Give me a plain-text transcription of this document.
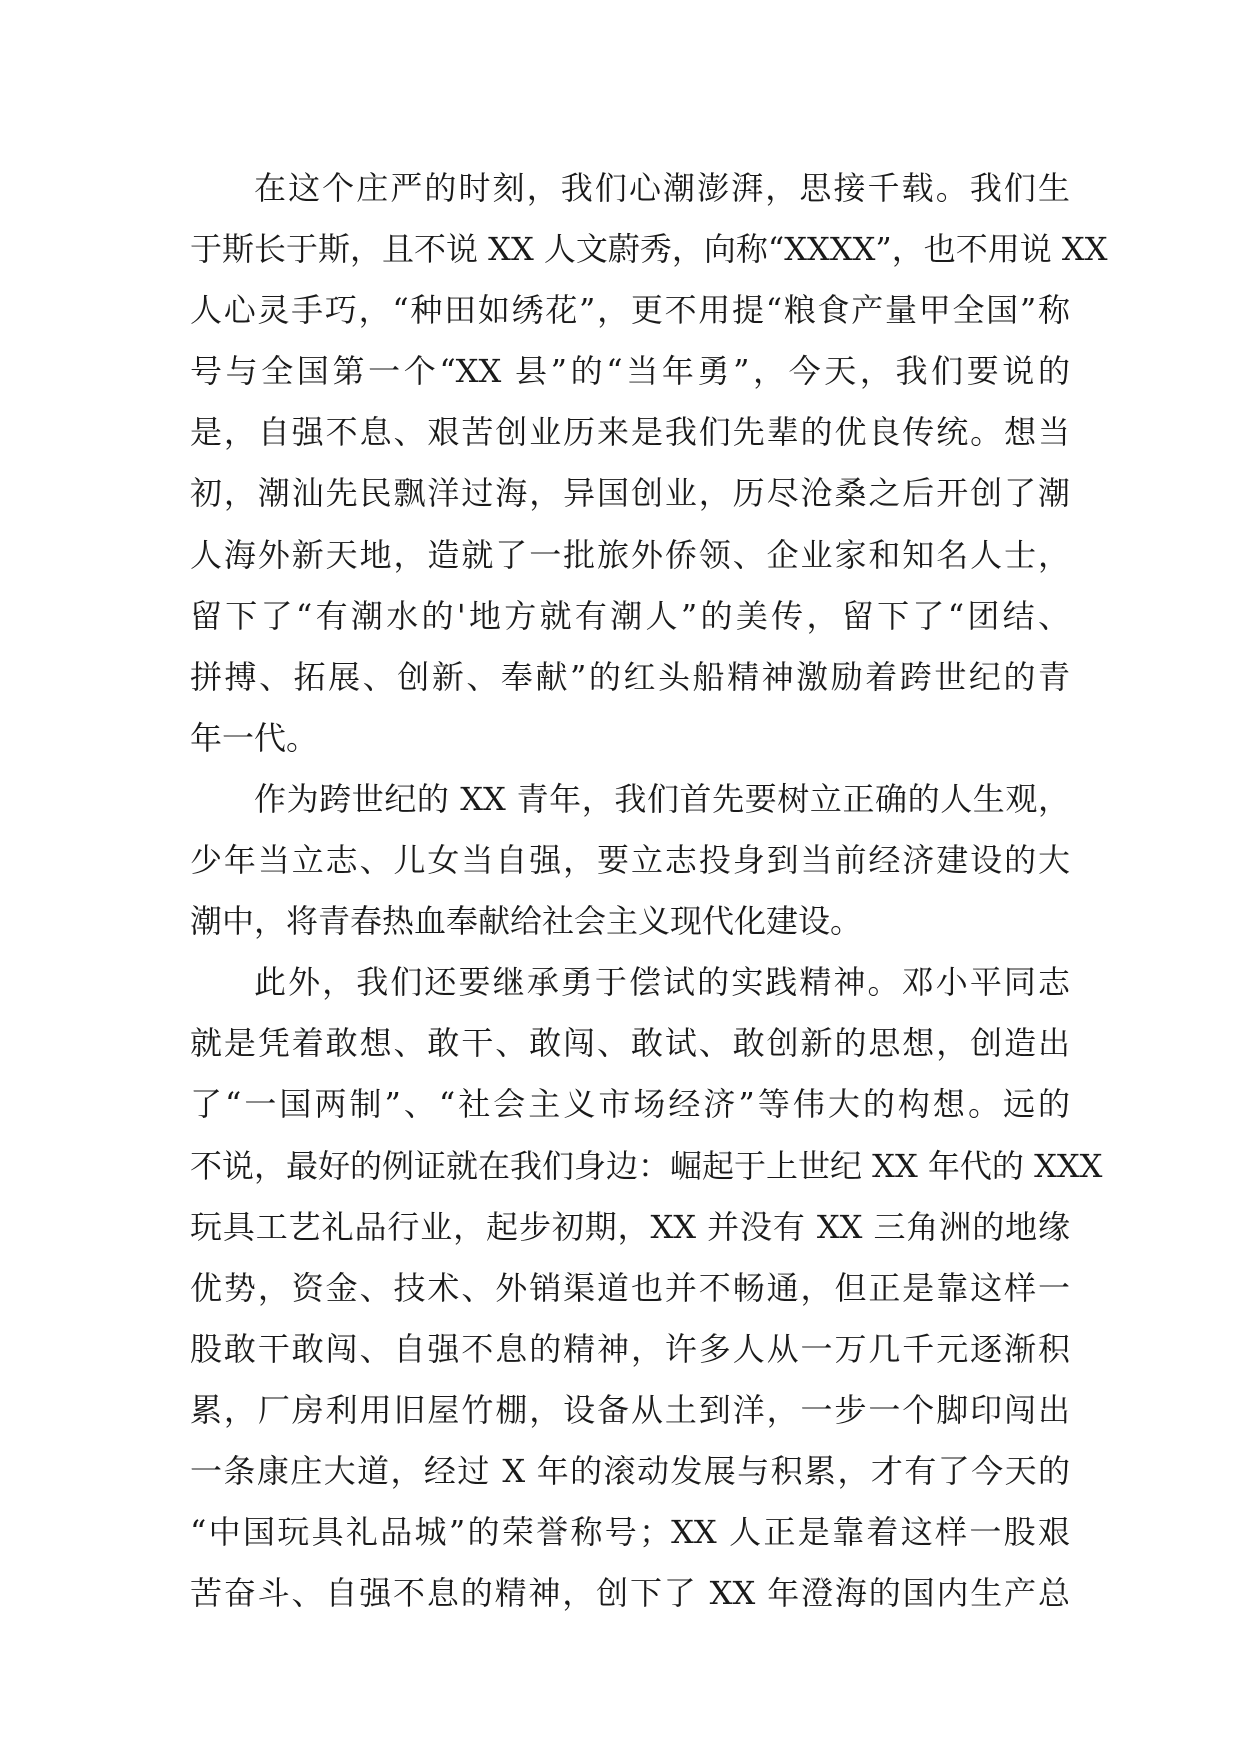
在这个庄严的时刻，我们心潮澎湃，思接千载。我们生
于斯长于斯，且不说 XX 人文蔚秀，向称“XXXX”，也不用说 XX
人心灵手巧，“种田如绣花”，更不用提“粮食产量甲全国”称
号与全国第一个“XX 县”的“当年勇”，今天，我们要说的
是，自强不息、艰苦创业历来是我们先辈的优良传统。想当
初，潮汕先民飘洋过海，异国创业，历尽沧桑之后开创了潮
人海外新天地，造就了一批旅外侨领、企业家和知名人士，
留下了“有潮水的'地方就有潮人”的美传，留下了“团结、
拼搏、拓展、创新、奉献”的红头船精神激励着跨世纪的青
年一代。
作为跨世纪的 XX 青年，我们首先要树立正确的人生观，
少年当立志、儿女当自强，要立志投身到当前经济建设的大
潮中，将青春热血奉献给社会主义现代化建设。
此外，我们还要继承勇于偿试的实践精神。邓小平同志
就是凭着敢想、敢干、敢闯、敢试、敢创新的思想，创造出
了“一国两制”、“社会主义市场经济”等伟大的构想。远的
不说，最好的例证就在我们身边：崛起于上世纪 XX 年代的 XXX
玩具工艺礼品行业，起步初期，XX 并没有 XX 三角洲的地缘
优势，资金、技术、外销渠道也并不畅通，但正是靠这样一
股敢干敢闯、自强不息的精神，许多人从一万几千元逐渐积
累，厂房利用旧屋竹棚，设备从土到洋，一步一个脚印闯出
一条康庄大道，经过 X 年的滚动发展与积累，才有了今天的
“中国玩具礼品城”的荣誉称号；XX 人正是靠着这样一股艰
苦奋斗、自强不息的精神，创下了 XX 年澄海的国内生产总
